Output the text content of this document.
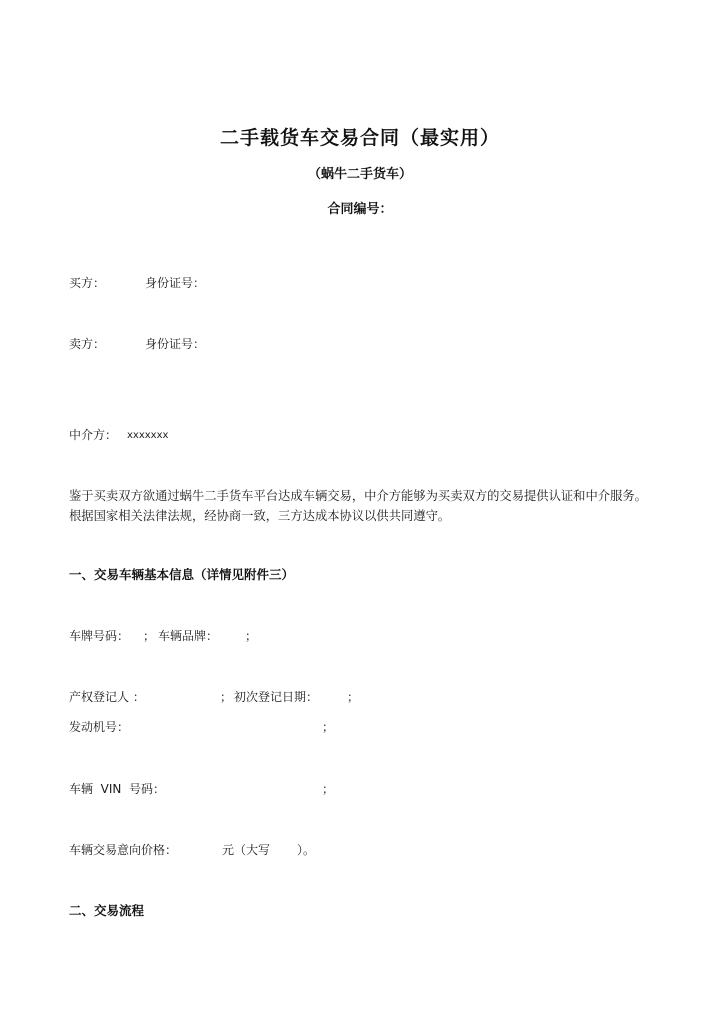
二手载货车交易合同（最实用）
（蜗牛二手货车）
合同编号：
买方：	身份证号：
卖方：	身份证号：
中介方： xxxxxxx
鉴于买卖双方欲通过蜗牛二手货车平台达成车辆交易，中介方能够为买卖双方的交易提供认证和中介服务。
根据国家相关法律法规，经协商一致，三方达成本协议以供共同遵守。
一、交易车辆基本信息（详情见附件三）
车牌号码： ； 车辆品牌： ；
产权登记人 ：	； 初次登记日期： ；
发动机号：	；
车辆  VIN  号码：	；
车辆交易意向价格：	元（大写 ）。
二、交易流程
